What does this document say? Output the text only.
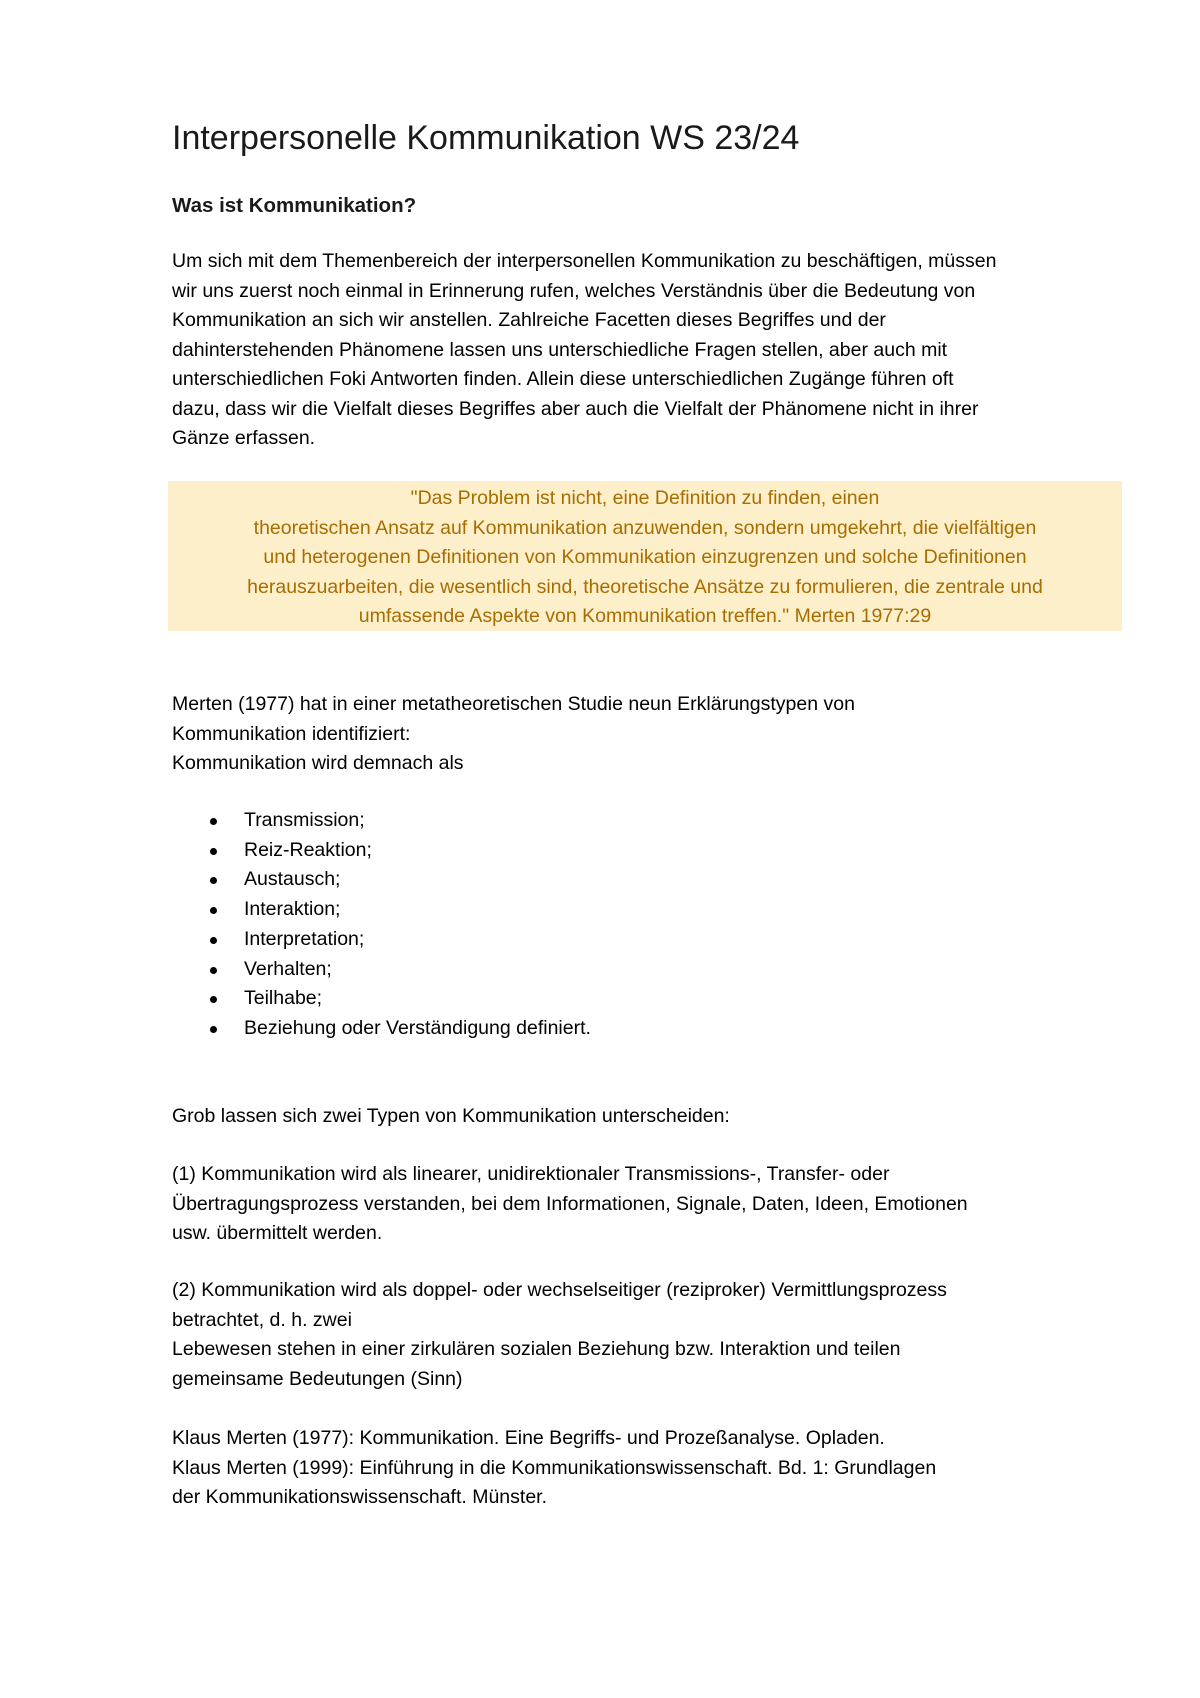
Interpersonelle Kommunikation WS 23/24
Was ist Kommunikation?
Um sich mit dem Themenbereich der interpersonellen Kommunikation zu beschäftigen, müssen
wir uns zuerst noch einmal in Erinnerung rufen, welches Verständnis über die Bedeutung von
Kommunikation an sich wir anstellen. Zahlreiche Facetten dieses Begriffes und der
dahinterstehenden Phänomene lassen uns unterschiedliche Fragen stellen, aber auch mit
unterschiedlichen Foki Antworten finden. Allein diese unterschiedlichen Zugänge führen oft
dazu, dass wir die Vielfalt dieses Begriffes aber auch die Vielfalt der Phänomene nicht in ihrer
Gänze erfassen.
"Das Problem ist nicht, eine Definition zu finden, einen
theoretischen Ansatz auf Kommunikation anzuwenden, sondern umgekehrt, die vielfältigen
und heterogenen Definitionen von Kommunikation einzugrenzen und solche Definitionen
herauszuarbeiten, die wesentlich sind, theoretische Ansätze zu formulieren, die zentrale und
umfassende Aspekte von Kommunikation treffen." Merten 1977:29
Merten (1977) hat in einer metatheoretischen Studie neun Erklärungstypen von
Kommunikation identifiziert:
Kommunikation wird demnach als
Transmission;
Reiz-Reaktion;
Austausch;
Interaktion;
Interpretation;
Verhalten;
Teilhabe;
Beziehung oder Verständigung definiert.
Grob lassen sich zwei Typen von Kommunikation unterscheiden:
(1) Kommunikation wird als linearer, unidirektionaler Transmissions-, Transfer- oder
Übertragungsprozess verstanden, bei dem Informationen, Signale, Daten, Ideen, Emotionen
usw. übermittelt werden.
(2) Kommunikation wird als doppel- oder wechselseitiger (reziproker) Vermittlungsprozess
betrachtet, d. h. zwei
Lebewesen stehen in einer zirkulären sozialen Beziehung bzw. Interaktion und teilen
gemeinsame Bedeutungen (Sinn)
Klaus Merten (1977): Kommunikation. Eine Begriffs- und Prozeßanalyse. Opladen.
Klaus Merten (1999): Einführung in die Kommunikationswissenschaft. Bd. 1: Grundlagen
der Kommunikationswissenschaft. Münster.
